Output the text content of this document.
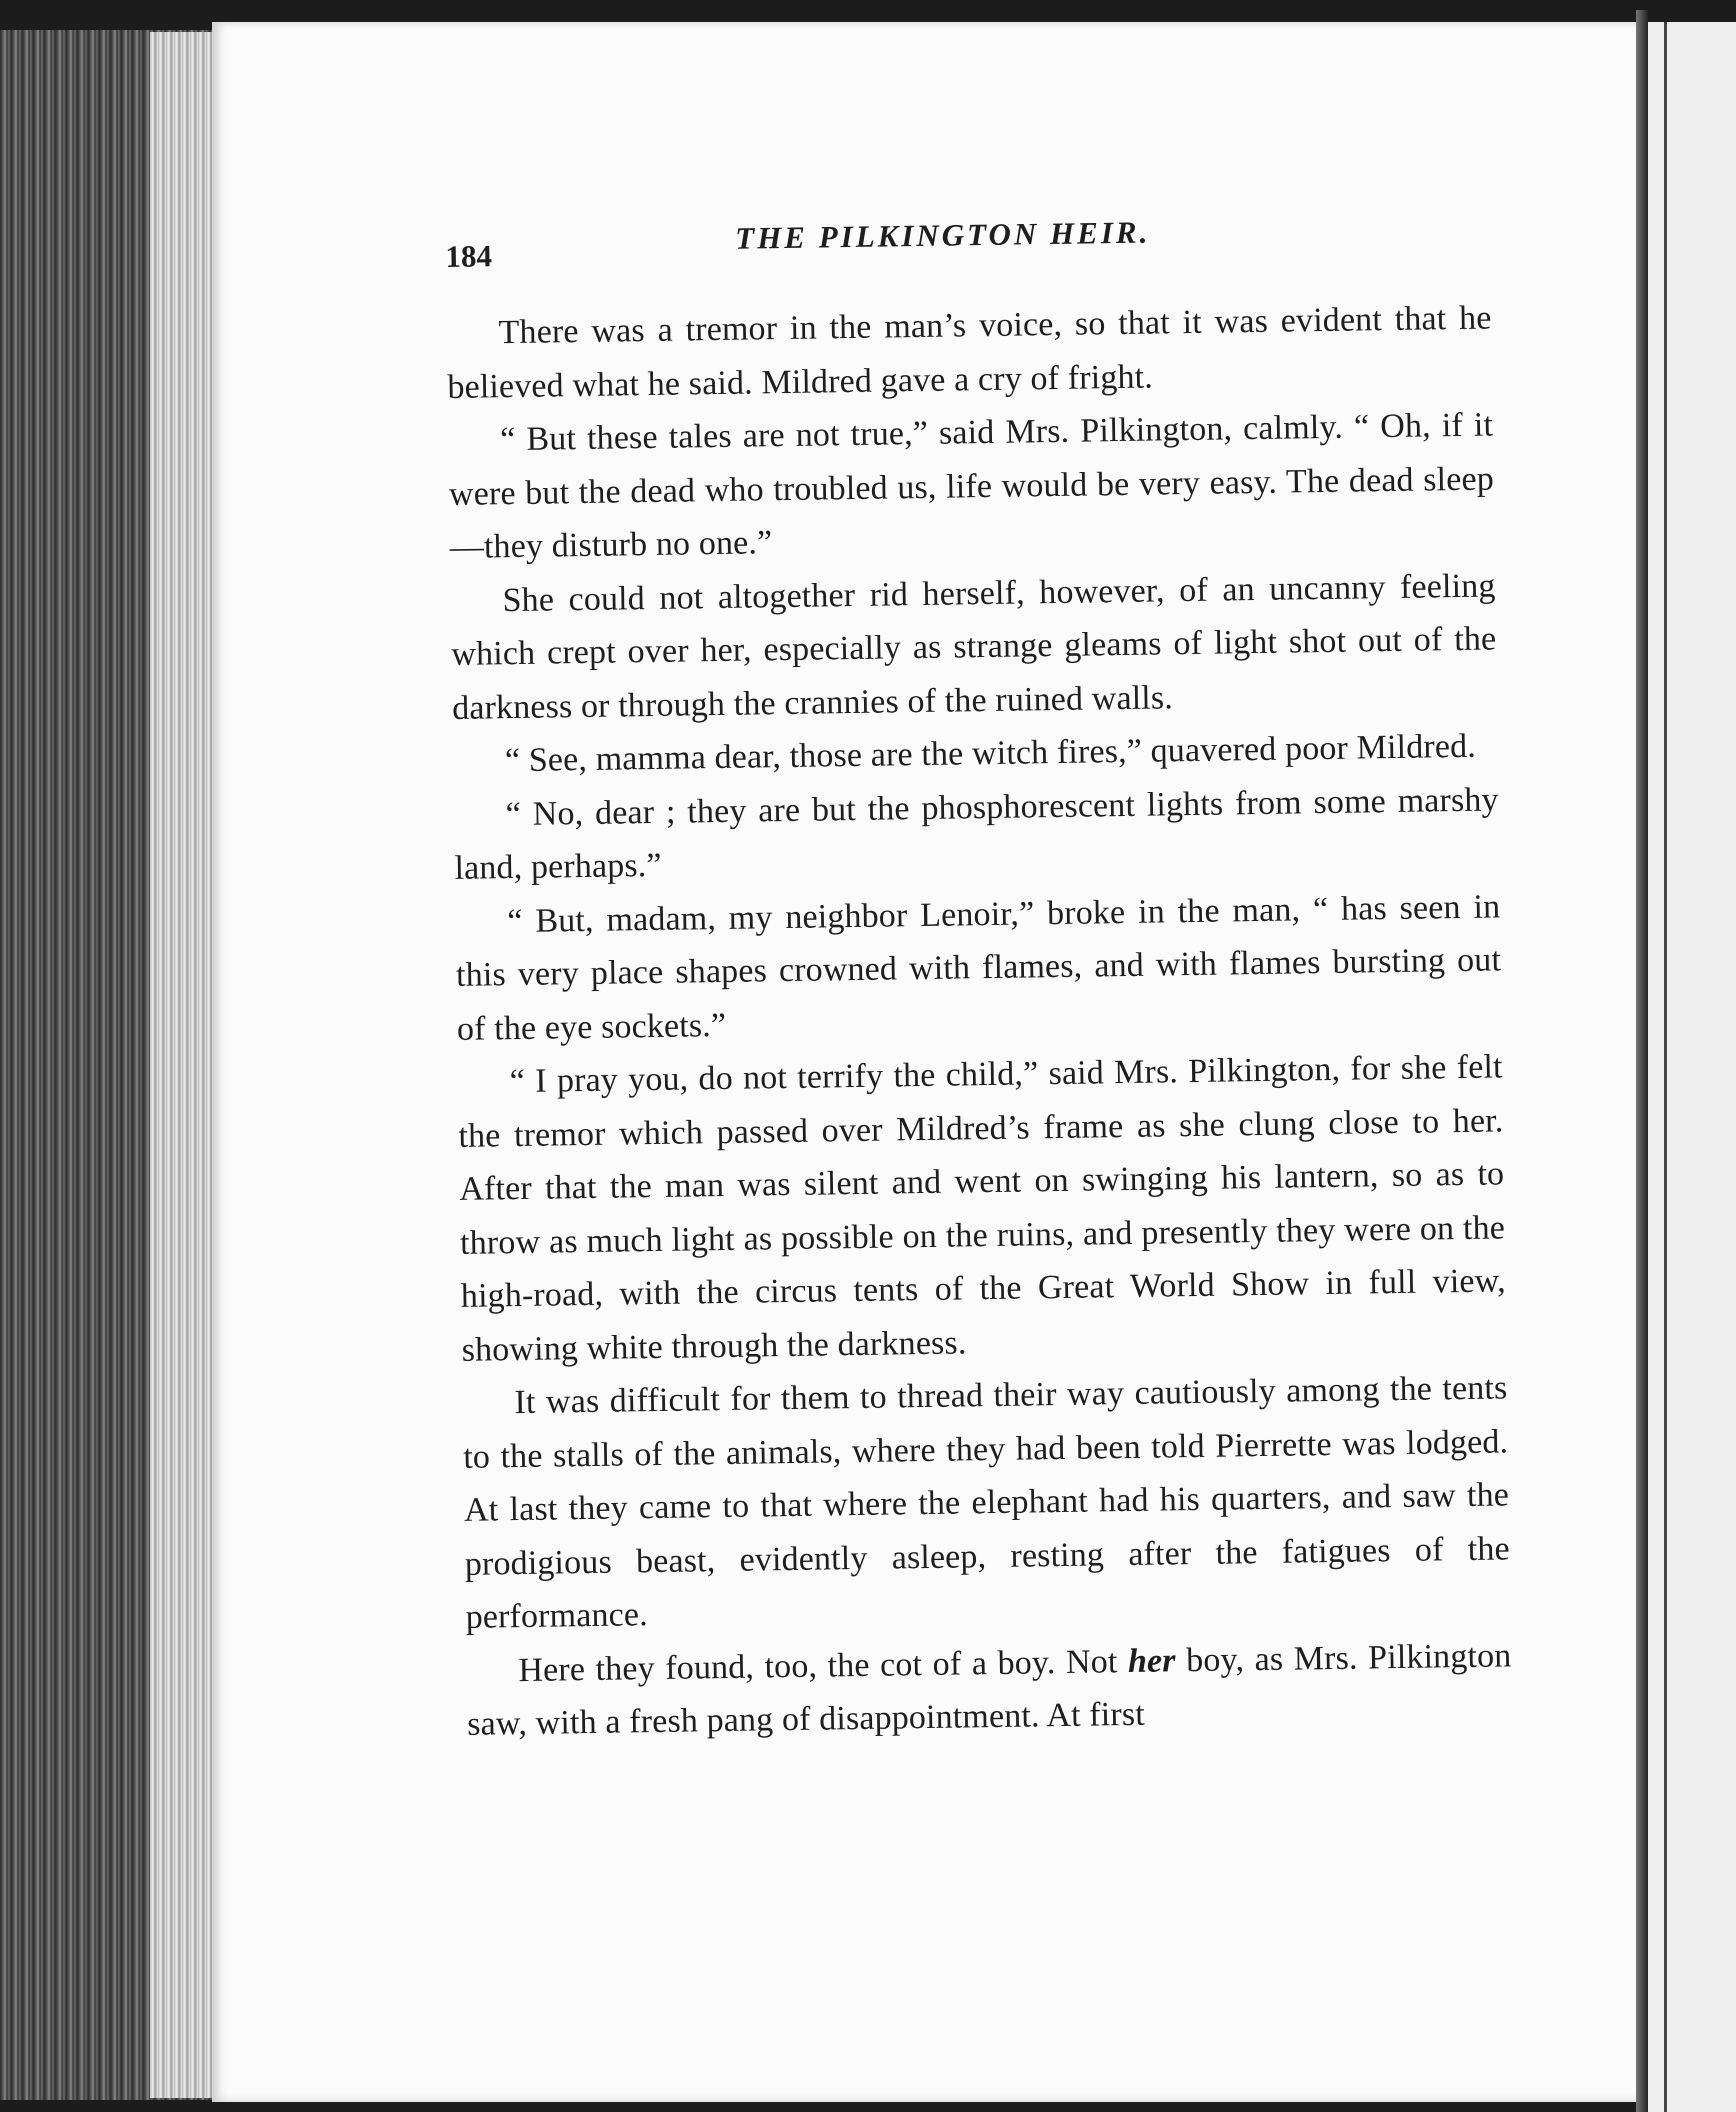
184
THE PILKINGTON HEIR.

There was a tremor in the man’s voice, so that it was evident that he believed what he said. Mildred gave a cry of fright.

“ But these tales are not true,” said Mrs. Pilkington, calmly. “ Oh, if it were but the dead who troubled us, life would be very easy. The dead sleep—they disturb no one.”

She could not altogether rid herself, however, of an uncanny feeling which crept over her, especially as strange gleams of light shot out of the darkness or through the crannies of the ruined walls.

“ See, mamma dear, those are the witch fires,” quavered poor Mildred.

“ No, dear ; they are but the phosphorescent lights from some marshy land, perhaps.”

“ But, madam, my neighbor Lenoir,” broke in the man, “ has seen in this very place shapes crowned with flames, and with flames bursting out of the eye sockets.”

“ I pray you, do not terrify the child,” said Mrs. Pilkington, for she felt the tremor which passed over Mildred’s frame as she clung close to her. After that the man was silent and went on swinging his lantern, so as to throw as much light as possible on the ruins, and presently they were on the high-road, with the circus tents of the Great World Show in full view, showing white through the darkness.

It was difficult for them to thread their way cautiously among the tents to the stalls of the animals, where they had been told Pierrette was lodged. At last they came to that where the elephant had his quarters, and saw the prodigious beast, evidently asleep, resting after the fatigues of the performance.

Here they found, too, the cot of a boy. Not her boy, as Mrs. Pilkington saw, with a fresh pang of disappointment. At first
